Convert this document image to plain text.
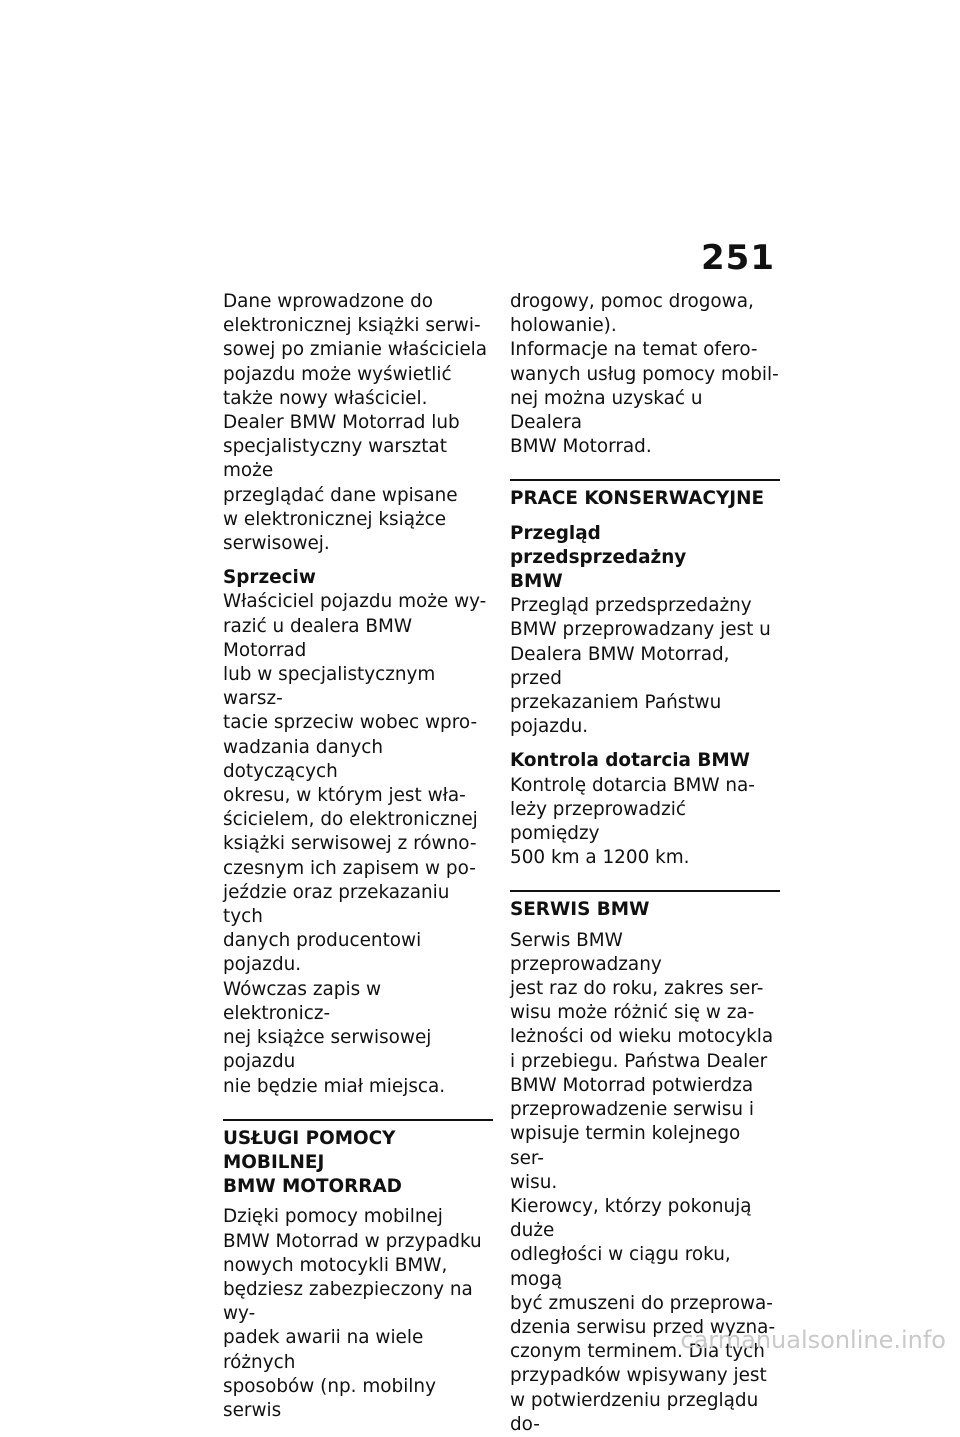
251

Dane wprowadzone do
elektronicznej książki serwi-
sowej po zmianie właściciela
pojazdu może wyświetlić
także nowy właściciel.
Dealer BMW Motorrad lub
specjalistyczny warsztat może
przeglądać dane wpisane
w elektronicznej książce
serwisowej.

Sprzeciw

Właściciel pojazdu może wy-
razić u dealera BMW Motorrad
lub w specjalistycznym warsz-
tacie sprzeciw wobec wpro-
wadzania danych dotyczących
okresu, w którym jest wła-
ścicielem, do elektronicznej
książki serwisowej z równo-
czesnym ich zapisem w po-
jeździe oraz przekazaniu tych
danych producentowi pojazdu.
Wówczas zapis w elektronicz-
nej książce serwisowej pojazdu
nie będzie miał miejsca.

USŁUGI POMOCY MOBILNEJ
BMW MOTORRAD

Dzięki pomocy mobilnej
BMW Motorrad w przypadku
nowych motocykli BMW,
będziesz zabezpieczony na wy-
padek awarii na wiele różnych
sposobów (np. mobilny serwis

drogowy, pomoc drogowa,
holowanie).
Informacje na temat ofero-
wanych usług pomocy mobil-
nej można uzyskać u Dealera
BMW Motorrad.

PRACE KONSERWACYJNE

Przegląd przedsprzedażny
BMW

Przegląd przedsprzedażny
BMW przeprowadzany jest u
Dealera BMW Motorrad, przed
przekazaniem Państwu pojazdu.

Kontrola dotarcia BMW

Kontrolę dotarcia BMW na-
leży przeprowadzić pomiędzy
500 km a 1200 km.

SERWIS BMW

Serwis BMW przeprowadzany
jest raz do roku, zakres ser-
wisu może różnić się w za-
leżności od wieku motocykla
i przebiegu. Państwa Dealer
BMW Motorrad potwierdza
przeprowadzenie serwisu i
wpisuje termin kolejnego ser-
wisu.
Kierowcy, którzy pokonują duże
odległości w ciągu roku, mogą
być zmuszeni do przeprowa-
dzenia serwisu przed wyzna-
czonym terminem. Dla tych
przypadków wpisywany jest
w potwierdzeniu przeglądu do-

carmanualsonline.info
